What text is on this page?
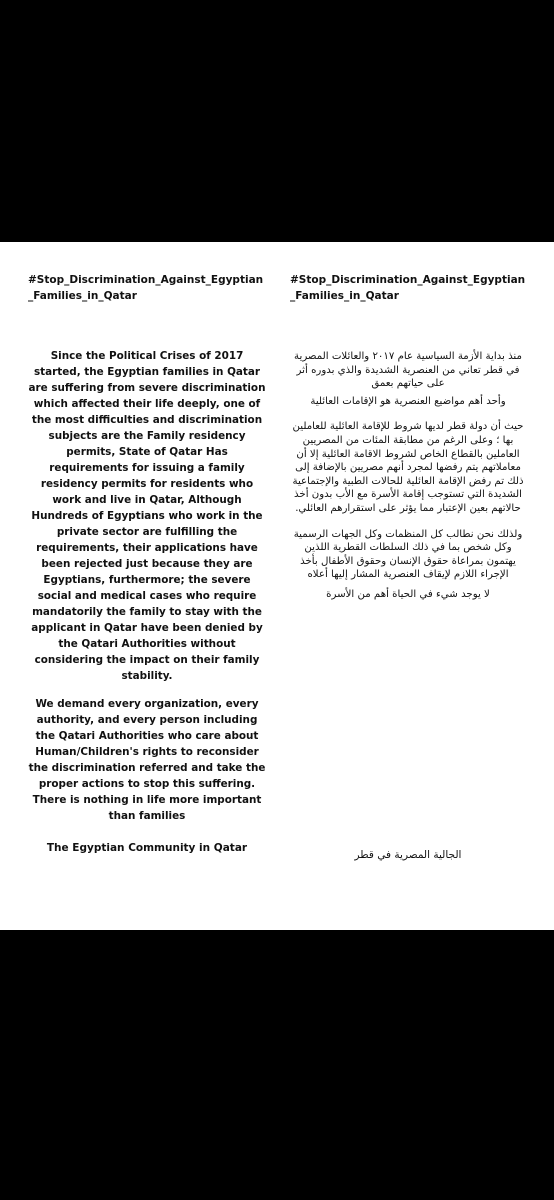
#Stop_Discrimination_Against_Egyptian_Families_in_Qatar

Since the Political Crises of 2017 started, the Egyptian families in Qatar are suffering from severe discrimination which affected their life deeply, one of the most difficulties and discrimination subjects are the Family residency permits, State of Qatar Has requirements for issuing a family residency permits for residents who work and live in Qatar, Although Hundreds of Egyptians who work in the private sector are fulfilling the requirements, their applications have been rejected just because they are Egyptians, furthermore; the severe social and medical cases who require mandatorily the family to stay with the applicant in Qatar have been denied by the Qatari Authorities without considering the impact on their family stability.

We demand every organization, every authority, and every person including the Qatari Authorities who care about Human/Children's rights to reconsider the discrimination referred and take the proper actions to stop this suffering. There is nothing in life more important than families

The Egyptian Community in Qatar

#Stop_Discrimination_Against_Egyptian_Families_in_Qatar

منذ بداية الأزمة السياسية عام ٢٠١٧ والعائلات المصرية في قطر تعاني من العنصرية الشديدة والذي بدوره أثر على حياتهم بعمق

وأحد أهم مواضيع العنصرية هو الإقامات العائلية

حيث أن دولة قطر لديها شروط للإقامة العائلية للعاملين بها ؛ وعلى الرغم من مطابقة المئات من المصريين العاملين بالقطاع الخاص لشروط الاقامة العائلية إلا أن معاملاتهم يتم رفضها لمجرد أنهم مصريين بالإضافة إلى ذلك تم رفض الإقامة العائلية للحالات الطبية والإجتماعية الشديدة التي تستوجب إقامة الأسرة مع الأب بدون أخذ حالاتهم بعين الإعتبار مما يؤثر على استقرارهم العائلي.

ولذلك نحن نطالب كل المنظمات وكل الجهات الرسمية وكل شخص بما في ذلك السلطات القطرية اللذين يهتمون بمراعاة حقوق الإنسان وحقوق الأطفال بأخذ الإجراء اللازم لإيقاف العنصرية المشار إليها أعلاه

لا يوجد شيء في الحياة أهم من الأسرة

الجالية المصرية في قطر
